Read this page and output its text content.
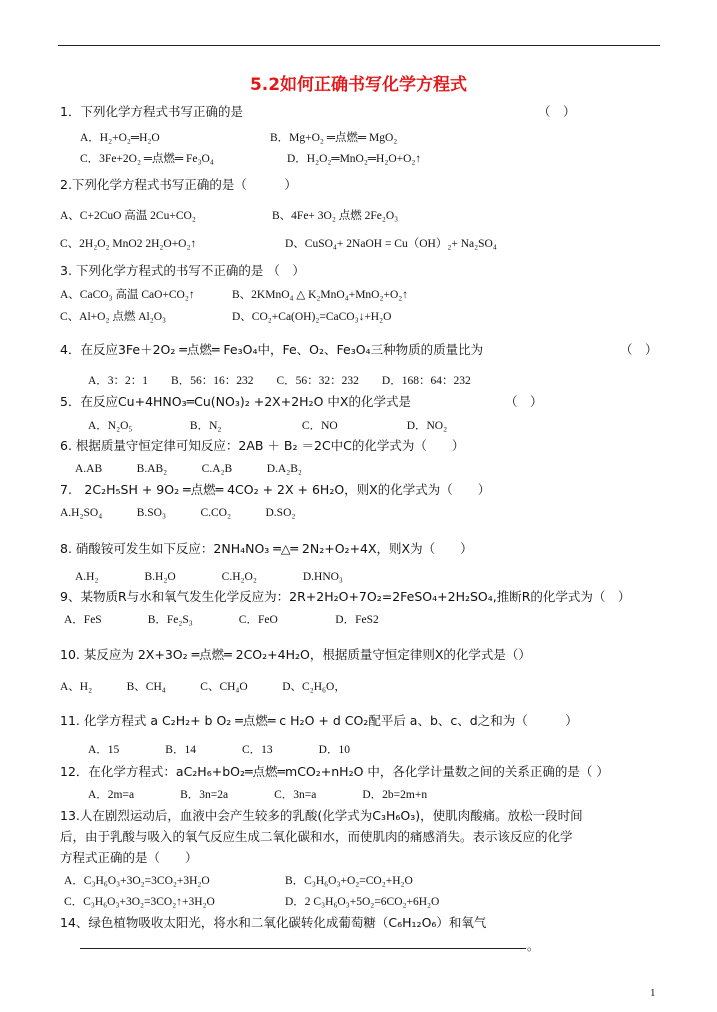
5.2如何正确书写化学方程式
1．下列化学方程式书写正确的是	（　）
A．H₂+O₂═H₂O	B．Mg+O₂ ═点燃═ MgO₂
C．3Fe+2O₂ ═点燃═ Fe₃O₄	D．H₂O₂═MnO₂═H₂O+O₂↑
2.下列化学方程式书写正确的是（　　　）
A、C+2CuO 高温 2Cu+CO₂	B、4Fe+ 3O₂ 点燃 2Fe₂O₃
C、2H₂O₂ MnO2 2H₂O+O₂↑	D、CuSO₄+ 2NaOH = Cu（OH）₂+ Na₂SO₄
3. 下列化学方程式的书写不正确的是 （　）
A、CaCO₃ 高温 CaO+CO₂↑	B、2KMnO₄ △ K₂MnO₄+MnO₂+O₂↑
C、Al+O₂ 点燃 Al₂O₃	D、CO₂+Ca(OH)₂=CaCO₃↓+H₂O
4．在反应3Fe＋2O₂ ═点燃═ Fe₃O₄中，Fe、O₂、Fe₃O₄三种物质的质量比为	（　）
A．3：2：1　　B．56：16：232　　C．56：32：232　　D．168：64：232
5．在反应Cu+4HNO₃═Cu(NO₃)₂ +2X+2H₂O 中X的化学式是	（　）
A．N₂O₅　　　　　B．N₂　　　　　　　C．NO　　　　　　D．NO₂
6. 根据质量守恒定律可知反应：2AB ＋ B₂ ＝2C中C的化学式为（　　）
A.AB　　　B.AB₂　　　C.A₂B　　　D.A₂B₂
7.　2C₂H₅SH + 9O₂ ═点燃═ 4CO₂ + 2X + 6H₂O，则X的化学式为（　　）
A.H₂SO₄　　　B.SO₃　　　C.CO₂　　　D.SO₂
8. 硝酸铵可发生如下反应：2NH₄NO₃ ═△═ 2N₂+O₂+4X，则X为（　　）
A.H₂　　　　B.H₂O　　　　C.H₂O₂　　　　D.HNO₃
9、某物质R与水和氧气发生化学反应为：2R+2H₂O+7O₂=2FeSO₄+2H₂SO₄,推断R的化学式为（　）
A．FeS　　　　B．Fe₂S₃　　　　C．FeO　　　　　D．FeS2
10. 某反应为 2X+3O₂ ═点燃═ 2CO₂+4H₂O，根据质量守恒定律则X的化学式是（）
A、H₂　　　B、CH₄　　　C、CH₄O　　　D、C₂H₆O，
11. 化学方程式 a C₂H₂+ b O₂ ═点燃═ c H₂O + d CO₂配平后 a、b、c、d之和为（　　　）
A．15　　　　B．14　　　　C．13　　　　D．10
12．在化学方程式：aC₂H₆+bO₂═点燃═mCO₂+nH₂O 中，各化学计量数之间的关系正确的是（ ）
A．2m=a　　　　B．3n=2a　　　　C．3n=a　　　　D．2b=2m+n
13.人在剧烈运动后，血液中会产生较多的乳酸(化学式为C₃H₆O₃)，使肌肉酸痛。放松一段时间
后，由于乳酸与吸入的氧气反应生成二氧化碳和水，而使肌肉的痛感消失。表示该反应的化学
方程式正确的是（　　）
A．C₃H₆O₃+3O₂=3CO₂+3H₂O	B．C₃H₆O₃+O₂=CO₂+H₂O
C．C₃H₆O₃+3O₂=3CO₂↑+3H₂O	D．2 C₃H₆O₃+5O₂=6CO₂+6H₂O
14、绿色植物吸收太阳光，将水和二氧化碳转化成葡萄糖（C₆H₁₂O₆）和氧气
。
1
